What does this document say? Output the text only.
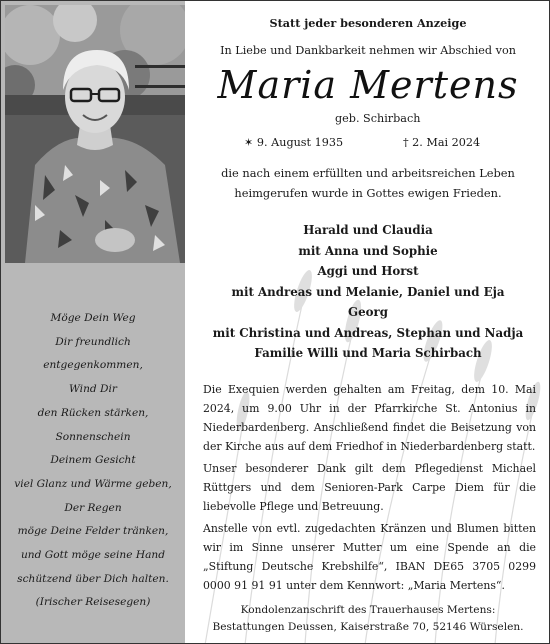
Möge Dein Weg
Dir freundlich
entgegenkommen,
Wind Dir
den Rücken stärken,
Sonnenschein
Deinem Gesicht
viel Glanz und Wärme geben,
Der Regen
möge Deine Felder tränken,
und Gott möge seine Hand
schützend über Dich halten.
(Irischer Reisesegen)
Statt jeder besonderen Anzeige
In Liebe und Dankbarkeit nehmen wir Abschied von
Maria Mertens
geb. Schirbach
✶ 9. August 1935	† 2. Mai 2024
die nach einem erfüllten und arbeitsreichen Leben
heimgerufen wurde in Gottes ewigen Frieden.
Harald und Claudia
mit Anna und Sophie
Aggi und Horst
mit Andreas und Melanie, Daniel und Eja
Georg
mit Christina und Andreas, Stephan und Nadja
Familie Willi und Maria Schirbach

Die Exequien werden gehalten am Freitag, dem 10. Mai 2024, um 9.00 Uhr in der Pfarrkirche St. Antonius in Niederbardenberg. Anschließend findet die Beisetzung von der Kirche aus auf dem Friedhof in Niederbardenberg statt.

Unser besonderer Dank gilt dem Pflegedienst Michael Rüttgers und dem Senioren-Park Carpe Diem für die liebevolle Pflege und Betreuung.

Anstelle von evtl. zugedachten Kränzen und Blumen bitten wir im Sinne unserer Mutter um eine Spende an die „Stiftung Deutsche Krebshilfe“, IBAN DE65 3705 0299 0000 91 91 91 unter dem Kennwort: „Maria Mertens“.

Kondolenzanschrift des Trauerhauses Mertens:
Bestattungen Deussen, Kaiserstraße 70, 52146 Würselen.
